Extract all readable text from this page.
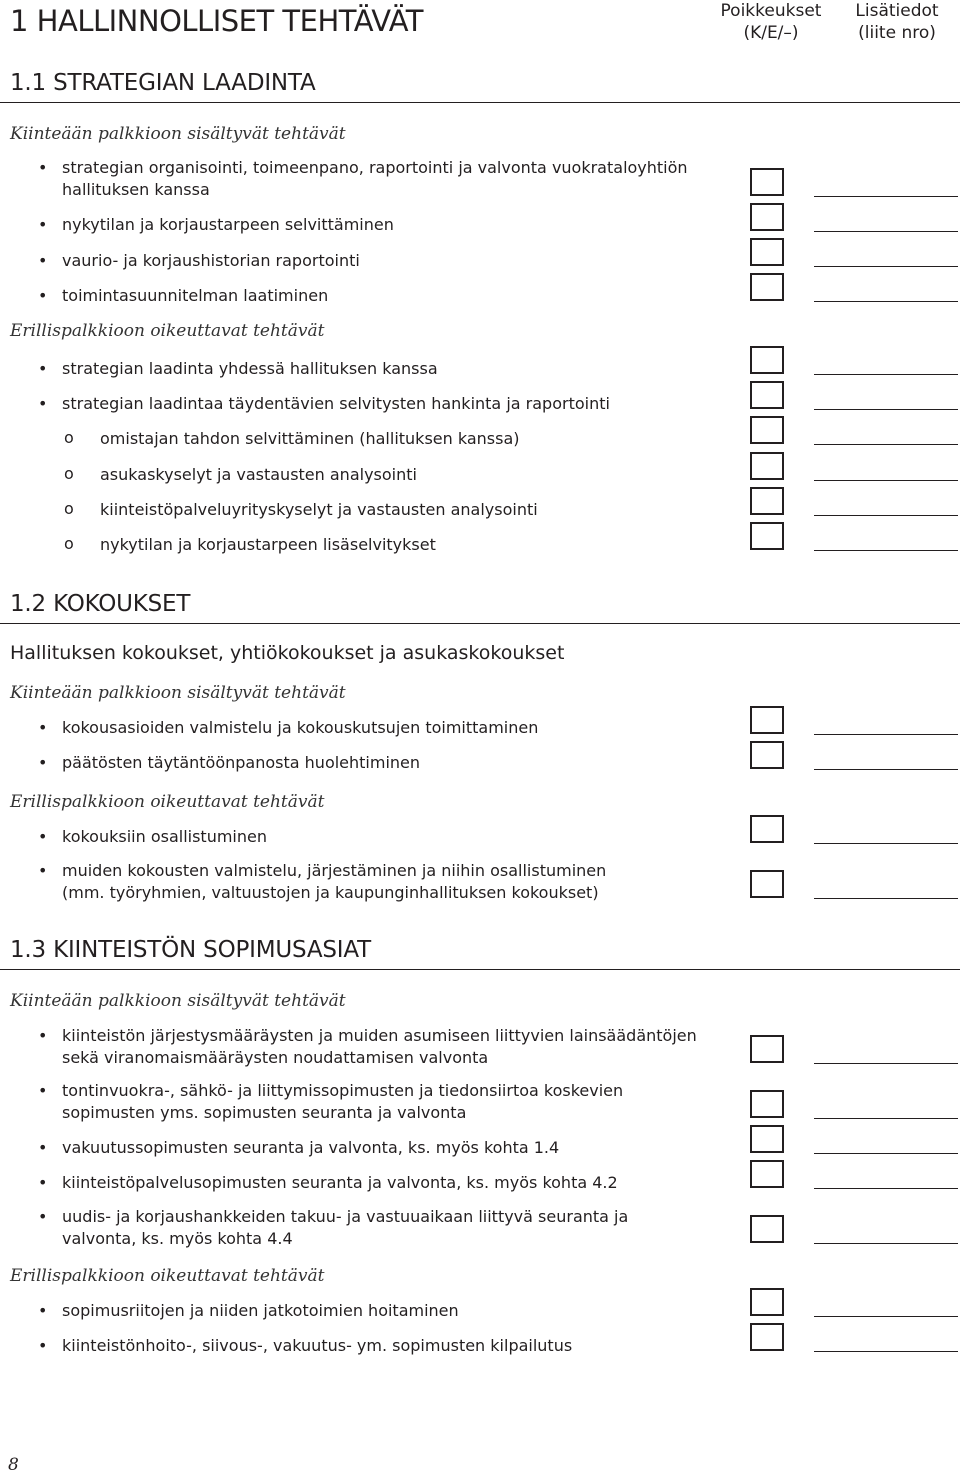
1 HALLINNOLLISET TEHTÄVÄT	Poikkeukset
(K/E/–)
Lisätiedot
(liite nro)
1.1 STRATEGIAN LAADINTA
Kiinteään palkkioon sisältyvät tehtävät
• strategian organisointi, toimeenpano, raportointi ja valvonta vuokrataloyhtiön
hallituksen kanssa
• nykytilan ja korjaustarpeen selvittäminen
• vaurio- ja korjaushistorian raportointi
• toimintasuunnitelman laatiminen
Erillispalkkioon oikeuttavat tehtävät
• strategian laadinta yhdessä hallituksen kanssa
• strategian laadintaa täydentävien selvitysten hankinta ja raportointi
o omistajan tahdon selvittäminen (hallituksen kanssa)
o asukaskyselyt ja vastausten analysointi
o kiinteistöpalveluyrityskyselyt ja vastausten analysointi
o nykytilan ja korjaustarpeen lisäselvitykset
1.2 KOKOUKSET
Hallituksen kokoukset, yhtiökokoukset ja asukaskokoukset
Kiinteään palkkioon sisältyvät tehtävät
• kokousasioiden valmistelu ja kokouskutsujen toimittaminen
• päätösten täytäntöönpanosta huolehtiminen
Erillispalkkioon oikeuttavat tehtävät
• kokouksiin osallistuminen
• muiden kokousten valmistelu, järjestäminen ja niihin osallistuminen
(mm. työryhmien, valtuustojen ja kaupunginhallituksen kokoukset)
1.3 KIINTEISTÖN SOPIMUSASIAT
Kiinteään palkkioon sisältyvät tehtävät
• kiinteistön järjestysmääräysten ja muiden asumiseen liittyvien lainsäädäntöjen
sekä viranomaismääräysten noudattamisen valvonta
• tontinvuokra-, sähkö- ja liittymissopimusten ja tiedonsiirtoa koskevien
sopimusten yms. sopimusten seuranta ja valvonta
• vakuutussopimusten seuranta ja valvonta, ks. myös kohta 1.4
• kiinteistöpalvelusopimusten seuranta ja valvonta, ks. myös kohta 4.2
• uudis- ja korjaushankkeiden takuu- ja vastuuaikaan liittyvä seuranta ja
valvonta, ks. myös kohta 4.4
Erillispalkkioon oikeuttavat tehtävät
• sopimusriitojen ja niiden jatkotoimien hoitaminen
• kiinteistönhoito-, siivous-, vakuutus- ym. sopimusten kilpailutus
8
